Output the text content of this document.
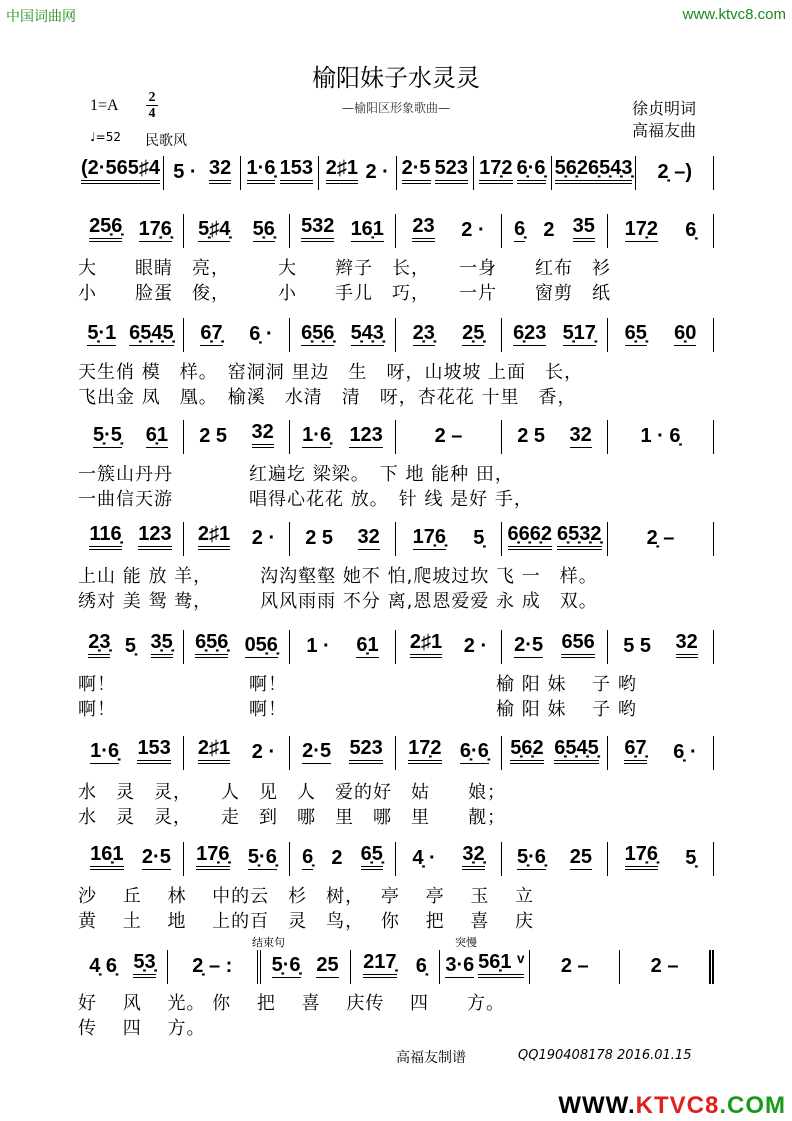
中国词曲网	www.ktvc8.com
榆阳妹子水灵灵
—榆阳区形象歌曲—
1=A 2
4
♩=52 民歌风
徐贞明词
高福友曲
(2·5 65♯4 5 · 32 1·6̣ 153 2♯1 2 · 2·5 523 17̣2 6̣·6̣ 5̣6̣2 6̣5̣4̣3̣ 2̣ –)
25̣6̣ 17̣6̣ 5̣♯4̣ 5̣6̣ 532 16̣1 23 2 · 6̣ 2 35 17̣2 6̣
大　　眼睛　亮，　　　大　　辫子　长，　　一身　　红布　衫
小　　脸蛋　俊，　　　小　　手儿　巧，　　一片　　窗剪　纸
5̣·1 6̣5̣4̣5̣ 6̣7̣ 6̣ · 6̣5̣6̣ 5̣4̣3̣ 2̣3̣ 2̣5̣ 6̣23 5̣17̣ 6̣5̣ 6̣0
天生俏 模　样。　窑洞洞 里边　生　呀，山坡坡 上面　长，
飞出金 凤　凰。　榆溪　水清　清　呀，杏花花 十里　香，
5̣·5̣ 6̣1 2 5 32 1·6̣ 123	2 –	2 5 32 1 · 6̣
一簇山丹丹　　　　红遍圪 梁梁。　下 地 能种 田，
一曲信天游　　　　唱得心花花 放。　针 线 是好 手，
116̣ 123 2♯1 2 · 2 5 32 17̣6̣ 5̣ 6̣6̣6̣2 6̣5̣3̣2̣ 2̣ –
上山 能 放 羊，　　　沟沟壑壑 她不 怕,爬坡过坎 飞 一　样。
绣对 美 鸳 鸯，　　　风风雨雨 不分 离,恩恩爱爱 永 成　双。
2̣3̣ 5̣ 3̣5̣ 6̣5̣6̣ 05̣6̣ 1 · 6̣1 2♯1 2 · 2·5 656 5 5 32
啊！　　　　　　　啊！　　　　　　　　　　　榆 阳 妹　 子 哟
啊！　　　　　　　啊！　　　　　　　　　　　榆 阳 妹　 子 哟
1·6̣ 153 2♯1 2 · 2·5 523 17̣2 6̣·6̣ 5̣6̣2 6̣5̣4̣5̣ 6̣7̣ 6̣ ·
水　灵　灵，　　人　见　人　爱的好　姑　　娘；
水　灵　灵，　　走　到　哪　里　哪　里　　靓；
16̣1 2·5 17̣6̣ 5̣·6̣ 6̣ 2 6̣5̣ 4̣ · 3̣2̣ 5̣·6̣ 25 17̣6̣ 5̣
沙　 丘　 林　 中的云　杉　树，　 亭　 亭　 玉　 立
黄　 土　 地　 上的百　灵　鸟，　 你　 把　 喜　 庆
4̣ 6̣ 5̣3̣ 2̣ – : 5̣·6̣ 25 217̣ 6̣ 3·6 56̣1 ᵛ 2 –	2 –
好　 风　 光。 你　 把　 喜　 庆传　 四　　方。
传　 四　 方。
结束句	突慢
高福友制谱	QQ190408178 2016.01.15
WWW.KTVC8.COM
